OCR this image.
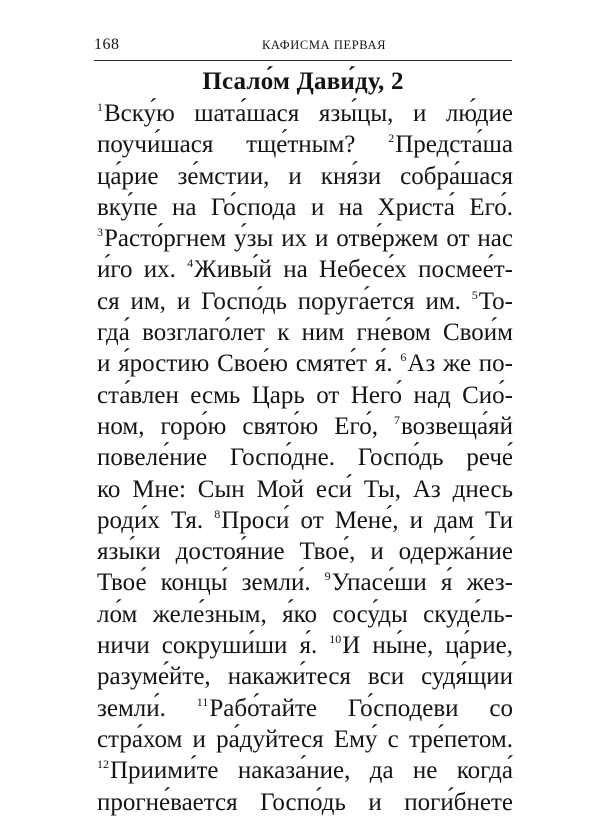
168	КАФИСМА ПЕРВАЯ
Псало́м Дави́ду, 2
$^1$Вску́ю шата́шася язы́цы, и лю́дие
поучи́шася тще́тным? $^2$Предста́ша
ца́рие зе́мстии, и кня́зи собра́шася
вку́пе на Го́спода и на Христа́ Его́.
$^3$Расто́ргнем у́зы их и отве́ржем от нас
и́го их. $^4$Живы́й на Небесе́х посмее́т-
ся им, и Госпо́дь поруга́ется им. $^5$То-
гда́ возглаго́лет к ним гне́вом Свои́м
и я́ростию Свое́ю смяте́т я́. $^6$Аз же по-
ста́влен есмь Царь от Него́ над Сио́-
ном, горо́ю свято́ю Его́, $^7$возвеща́яй
повеле́ние Госпо́дне. Госпо́дь рече́
ко Мне: Сын Мой еси́ Ты, Аз днесь
роди́х Тя. $^8$Проси́ от Мене́, и дам Ти
язы́ки достоя́ние Твое́, и одержа́ние
Твое́ концы́ земли́. $^9$Упасе́ши я́ жез-
ло́м желе́зным, я́ко сосу́ды скуде́ль-
ничи сокруши́ши я́. $^{10}$И ны́не, ца́рие,
разуме́йте, накажи́теся вси судя́щии
земли́. $^{11}$Рабо́тайте Го́сподеви со
стра́хом и ра́дуйтеся Ему́ с тре́петом.
$^{12}$Приими́те наказа́ние, да не когда́
прогне́вается Госпо́дь и поги́бнете
